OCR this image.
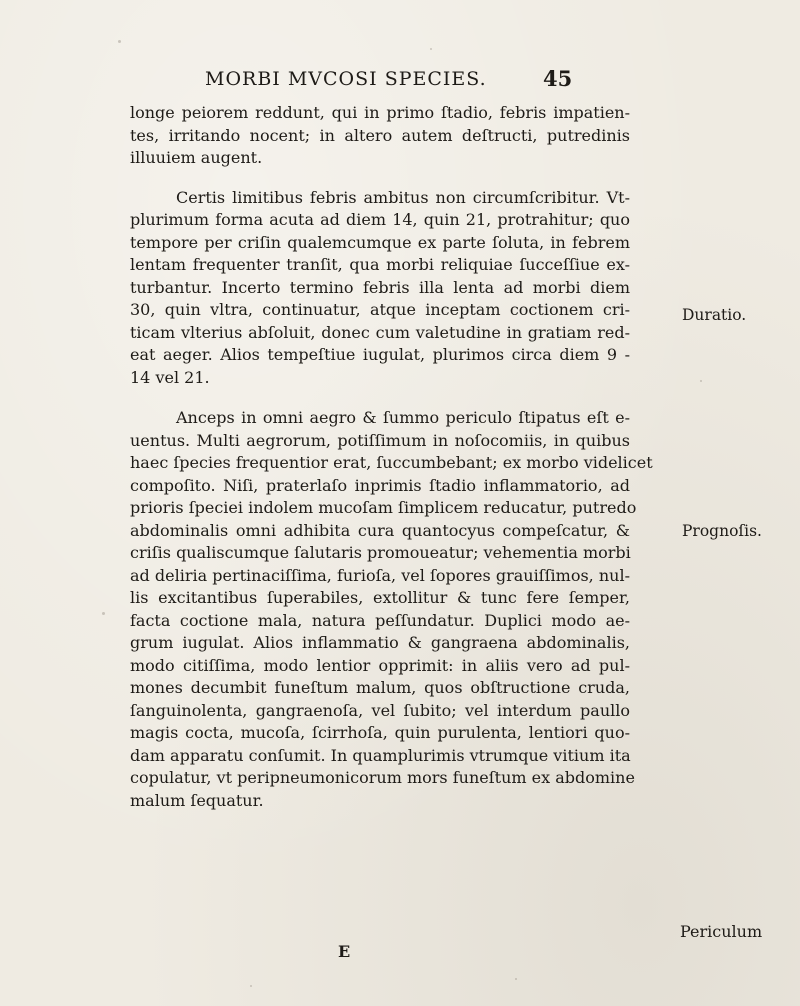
MORBI MVCOSI SPECIES.	45
longe peiorem reddunt, qui in primo ſtadio, febris impatien-
tes, irritando nocent; in altero autem deſtructi, putredinis
illuuiem augent.
Certis limitibus febris ambitus non circumſcribitur. Vt-
plurimum forma acuta ad diem 14, quin 21, protrahitur; quo
tempore per criſin qualemcumque ex parte ſoluta, in febrem
lentam frequenter tranſit, qua morbi reliquiae ſucceſſiue ex-
turbantur. Incerto termino febris illa lenta ad morbi diem
30, quin vltra, continuatur, atque inceptam coctionem cri-
ticam vlterius abſoluit, donec cum valetudine in gratiam red-
eat aeger. Alios tempeſtiue iugulat, plurimos circa diem 9 -
14 vel 21.
Anceps in omni aegro & ſummo periculo ſtipatus eſt e-
uentus. Multi aegrorum, potiſſimum in noſocomiis, in quibus
haec ſpecies frequentior erat, ſuccumbebant; ex morbo videlicet
compoſito. Niſi, praterlaſo inprimis ſtadio inflammatorio, ad
prioris ſpeciei indolem mucoſam ſimplicem reducatur, putredo
abdominalis omni adhibita cura quantocyus compeſcatur, &
criſis qualiscumque ſalutaris promoueatur; vehementia morbi
ad deliria pertinaciſſima, furioſa, vel ſopores grauiſſimos, nul-
lis excitantibus ſuperabiles, extollitur & tunc fere ſemper,
facta coctione mala, natura peſſundatur. Duplici modo ae-
grum iugulat. Alios inflammatio & gangraena abdominalis,
modo citiſſima, modo lentior opprimit: in aliis vero ad pul-
mones decumbit funeſtum malum, quos obſtructione cruda,
ſanguinolenta, gangraenoſa, vel ſubito; vel interdum paullo
magis cocta, mucoſa, ſcirrhoſa, quin purulenta, lentiori quo-
dam apparatu conſumit. In quamplurimis vtrumque vitium ita
copulatur, vt peripneumonicorum mors funeſtum ex abdomine
malum ſequatur.
Duratio.
Prognoſis.
Periculum
E
